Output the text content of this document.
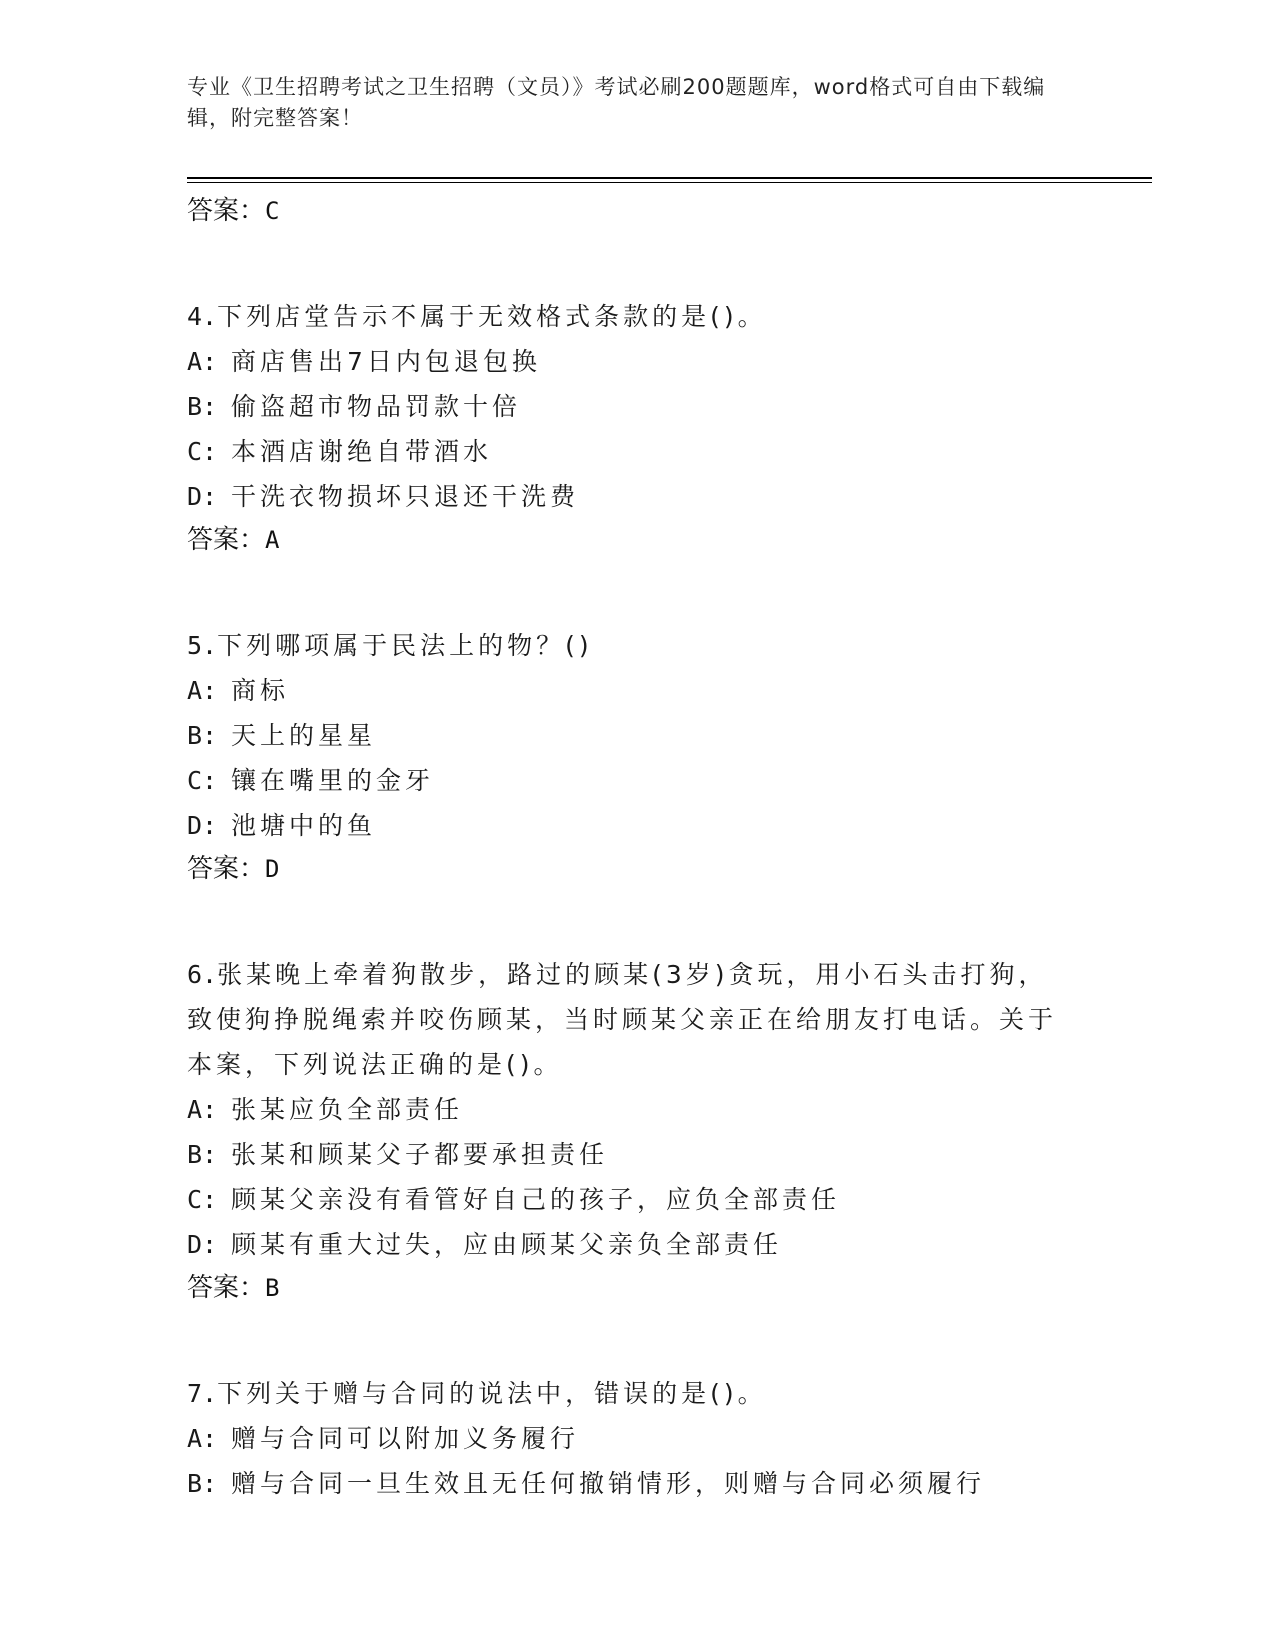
专业《卫生招聘考试之卫生招聘（文员）》考试必刷200题题库，word格式可自由下载编辑，附完整答案！

答案：C

4.下列店堂告示不属于无效格式条款的是()。

A: 商店售出7日内包退包换

B: 偷盗超市物品罚款十倍

C: 本酒店谢绝自带酒水

D: 干洗衣物损坏只退还干洗费

答案：A

5.下列哪项属于民法上的物？()

A: 商标

B: 天上的星星

C: 镶在嘴里的金牙

D: 池塘中的鱼

答案：D

6.张某晚上牵着狗散步，路过的顾某(3岁)贪玩，用小石头击打狗，致使狗挣脱绳索并咬伤顾某，当时顾某父亲正在给朋友打电话。关于本案，下列说法正确的是()。

A: 张某应负全部责任

B: 张某和顾某父子都要承担责任

C: 顾某父亲没有看管好自己的孩子，应负全部责任

D: 顾某有重大过失，应由顾某父亲负全部责任

答案：B

7.下列关于赠与合同的说法中，错误的是()。

A: 赠与合同可以附加义务履行

B: 赠与合同一旦生效且无任何撤销情形，则赠与合同必须履行
